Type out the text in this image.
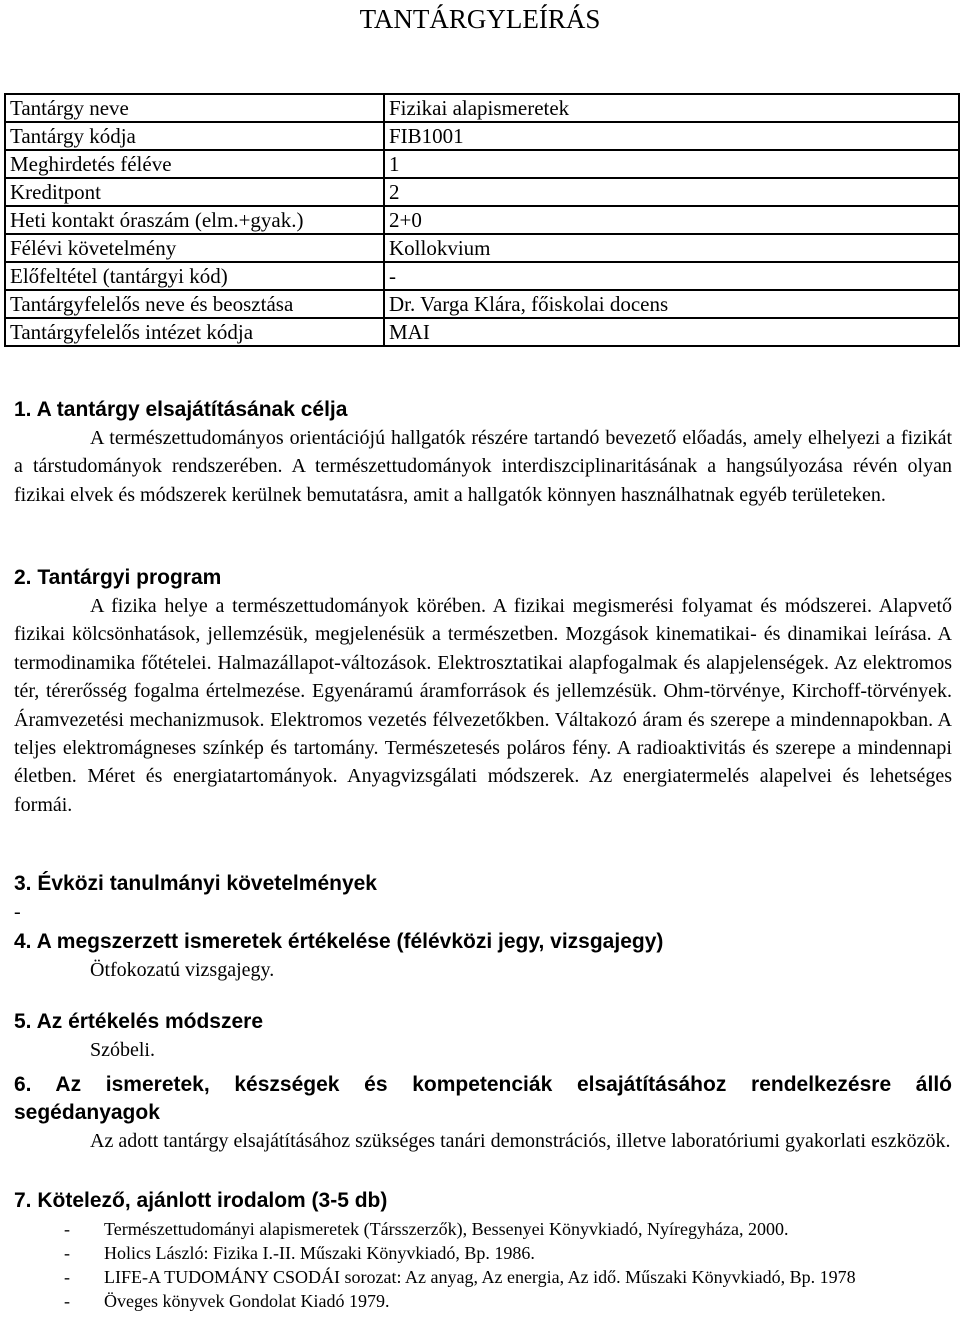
TANTÁRGYLEÍRÁS
Tantárgy neve	Fizikai alapismeretek
Tantárgy kódja	FIB1001
Meghirdetés féléve	1
Kreditpont	2
Heti kontakt óraszám (elm.+gyak.)	2+0
Félévi követelmény	Kollokvium
Előfeltétel (tantárgyi kód)	-
Tantárgyfelelős neve és beosztása	Dr. Varga Klára, főiskolai docens
Tantárgyfelelős intézet kódja	MAI

1. A tantárgy elsajátításának célja

A természettudományos orientációjú hallgatók részére tartandó bevezető előadás, amely elhelyezi a fizikát a társtudományok rendszerében. A természettudományok interdiszciplinaritásának a hangsúlyozása révén olyan fizikai elvek és módszerek kerülnek bemutatásra, amit a hallgatók könnyen használhatnak egyéb területeken.

2. Tantárgyi program

A fizika helye a természettudományok körében. A fizikai megismerési folyamat és módszerei. Alapvető fizikai kölcsönhatások, jellemzésük, megjelenésük a természetben. Mozgások kinematikai- és dinamikai leírása. A termodinamika főtételei. Halmazállapot-változások. Elektrosztatikai alapfogalmak és alapjelenségek. Az elektromos tér, térerősség fogalma értelmezése. Egyenáramú áramforrások és jellemzésük. Ohm-törvénye, Kirchoff-törvények. Áramvezetési mechanizmusok. Elektromos vezetés félvezetőkben. Váltakozó áram és szerepe a mindennapokban. A teljes elektromágneses színkép és tartomány. Természetesés poláros fény. A radioaktivitás és szerepe a mindennapi életben. Méret és energiatartományok. Anyagvizsgálati módszerek. Az energiatermelés alapelvei és lehetséges formái.

3. Évközi tanulmányi követelmények

-

4. A megszerzett ismeretek értékelése (félévközi jegy, vizsgajegy)

Ötfokozatú vizsgajegy.

5. Az értékelés módszere

Szóbeli.

6. Az ismeretek, készségek és kompetenciák elsajátításához rendelkezésre álló segédanyagok

Az adott tantárgy elsajátításához szükséges tanári demonstrációs, illetve laboratóriumi gyakorlati eszközök.

7. Kötelező, ajánlott irodalom (3-5 db)

- Természettudományi alapismeretek (Társszerzők), Bessenyei Könyvkiadó, Nyíregyháza, 2000.
- Holics László: Fizika I.-II. Műszaki Könyvkiadó, Bp. 1986.
- LIFE-A TUDOMÁNY CSODÁI sorozat: Az anyag, Az energia, Az idő. Műszaki Könyvkiadó, Bp. 1978
- Öveges könyvek Gondolat Kiadó 1979.
